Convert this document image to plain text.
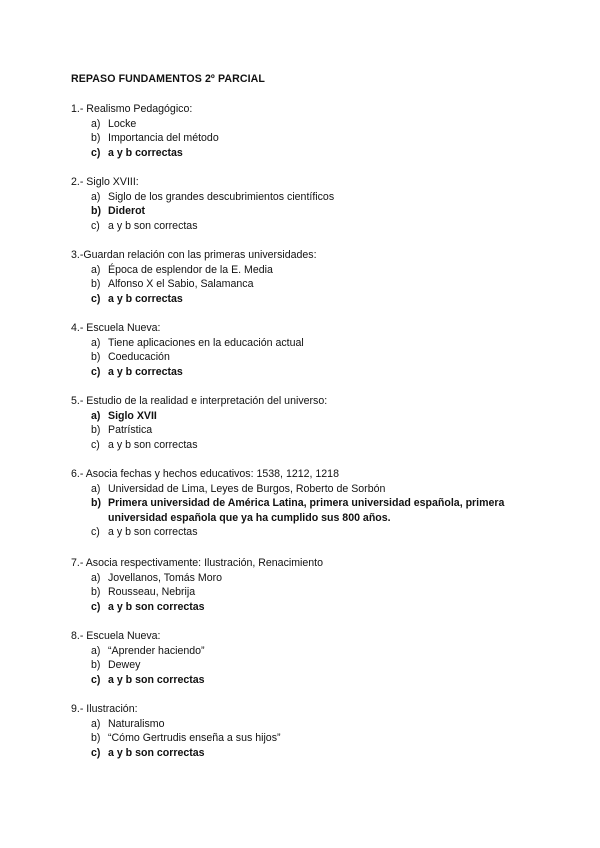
REPASO FUNDAMENTOS 2º PARCIAL
1.- Realismo Pedagógico:
a) Locke
b) Importancia del método
c) a y b correctas
2.- Siglo XVIII:
a) Siglo de los grandes descubrimientos científicos
b) Diderot
c) a y b son correctas
3.-Guardan relación con las primeras universidades:
a) Época de esplendor de la E. Media
b) Alfonso X el Sabio, Salamanca
c) a y b correctas
4.- Escuela Nueva:
a) Tiene aplicaciones en la educación actual
b) Coeducación
c) a y b correctas
5.- Estudio de la realidad e interpretación del universo:
a) Siglo XVII
b) Patrística
c) a y b son correctas
6.- Asocia fechas y hechos educativos: 1538, 1212, 1218
a) Universidad de Lima, Leyes de Burgos, Roberto de Sorbón
b) Primera universidad de América Latina, primera universidad española, primera universidad española que ya ha cumplido sus 800 años.
c) a y b son correctas
7.- Asocia respectivamente: Ilustración, Renacimiento
a) Jovellanos, Tomás Moro
b) Rousseau, Nebrija
c) a y b son correctas
8.- Escuela Nueva:
a) “Aprender haciendo”
b) Dewey
c) a y b son correctas
9.- Ilustración:
a) Naturalismo
b) “Cómo Gertrudis enseña a sus hijos”
c) a y b son correctas
